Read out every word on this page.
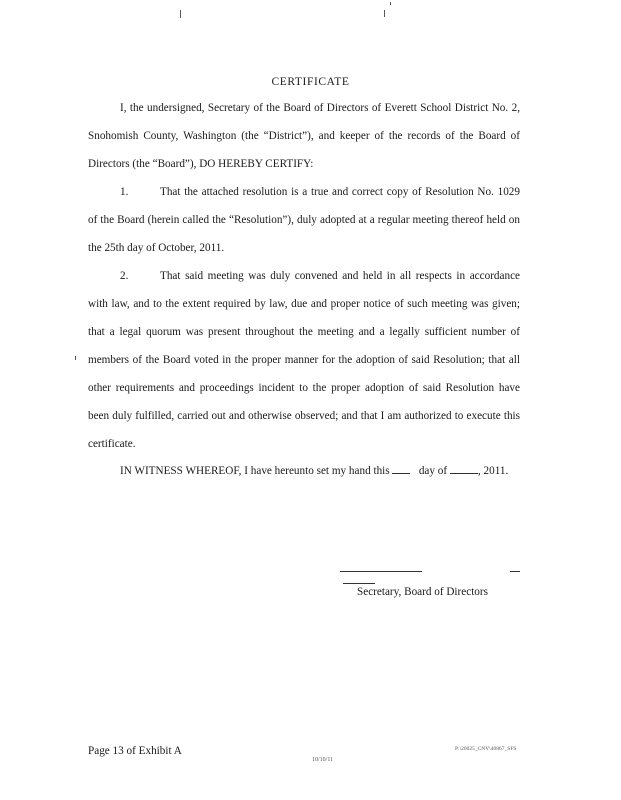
CERTIFICATE
I, the undersigned, Secretary of the Board of Directors of Everett School District No. 2, Snohomish County, Washington (the “District”), and keeper of the records of the Board of Directors (the “Board”), DO HEREBY CERTIFY:
1.	That the attached resolution is a true and correct copy of Resolution No. 1029 of the Board (herein called the “Resolution”), duly adopted at a regular meeting thereof held on the 25th day of October, 2011.
2.	That said meeting was duly convened and held in all respects in accordance with law, and to the extent required by law, due and proper notice of such meeting was given; that a legal quorum was present throughout the meeting and a legally sufficient number of members of the Board voted in the proper manner for the adoption of said Resolution; that all other requirements and proceedings incident to the proper adoption of said Resolution have been duly fulfilled, carried out and otherwise observed; and that I am authorized to execute this certificate.
IN WITNESS WHEREOF, I have hereunto set my hand this	day of	, 2011.
Secretary, Board of Directors
Page 13 of Exhibit A
10/10/11
P:\20025_CNV\40867_SFS
